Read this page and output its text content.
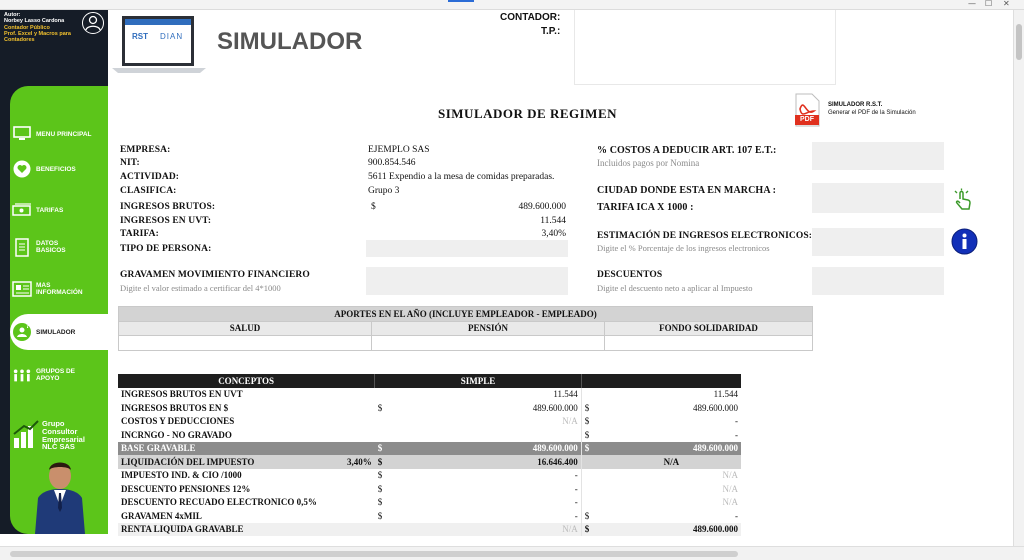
— ☐ ✕
Autor:
Norbey Lasso Cardona
Contador Público
Prof. Excel y Macros para Contadores
MENU PRINCIPAL
BENEFICIOS
TARIFAS
DATOS
BASICOS
MAS
INFORMACIÓN
?
SIMULADOR
GRUPOS DE
APOYO
Grupo
Consultor
Empresarial
NLC SAS
RST DIAN SIMULADOR
CONTADOR:
T.P.:
SIMULADOR DE REGIMEN	PDF
SIMULADOR R.S.T.
Generar el PDF de la Simulación
EMPRESA:	EJEMPLO SAS
NIT:	900.854.546
ACTIVIDAD:	5611 Expendio a la mesa de comidas preparadas.
CLASIFICA:	Grupo 3
INGRESOS BRUTOS:	$	489.600.000
INGRESOS EN UVT:	11.544
TARIFA:	3,40%
TIPO DE PERSONA:
GRAVAMEN MOVIMIENTO FINANCIERO
Digite el valor estimado a certificar del 4*1000
% COSTOS A DEDUCIR ART. 107 E.T.:
Incluidos pagos por Nomina
CIUDAD DONDE ESTA EN MARCHA :
TARIFA ICA X 1000 :
ESTIMACIÓN DE INGRESOS ELECTRONICOS:
Digite el % Porcentaje de los ingresos electronicos
DESCUENTOS
Digite el descuento neto a aplicar al Impuesto
APORTES EN EL AÑO (INCLUYE EMPLEADOR - EMPLEADO)		
SALUD	PENSIÓN	FONDO SOLIDARIDAD

CONCEPTOS		SIMPLE			
INGRESOS BRUTOS EN UVT			11.544		11.544
INGRESOS BRUTOS EN $		$	489.600.000	$	489.600.000
COSTOS Y DEDUCCIONES			N/A	$	-
INCRNGO - NO GRAVADO				$	-
BASE GRAVABLE		$	489.600.000	$	489.600.000
LIQUIDACIÓN DEL IMPUESTO	3,40%	$	16.646.400		N/A
IMPUESTO IND. & CIO /1000		$	-		N/A
DESCUENTO PENSIONES 12%		$	-		N/A
DESCUENTO RECUADO ELECTRONICO 0,5%		$	-		N/A
GRAVAMEN 4xMIL		$	-	$	-
RENTA LIQUIDA GRAVABLE			N/A	$	489.600.000
